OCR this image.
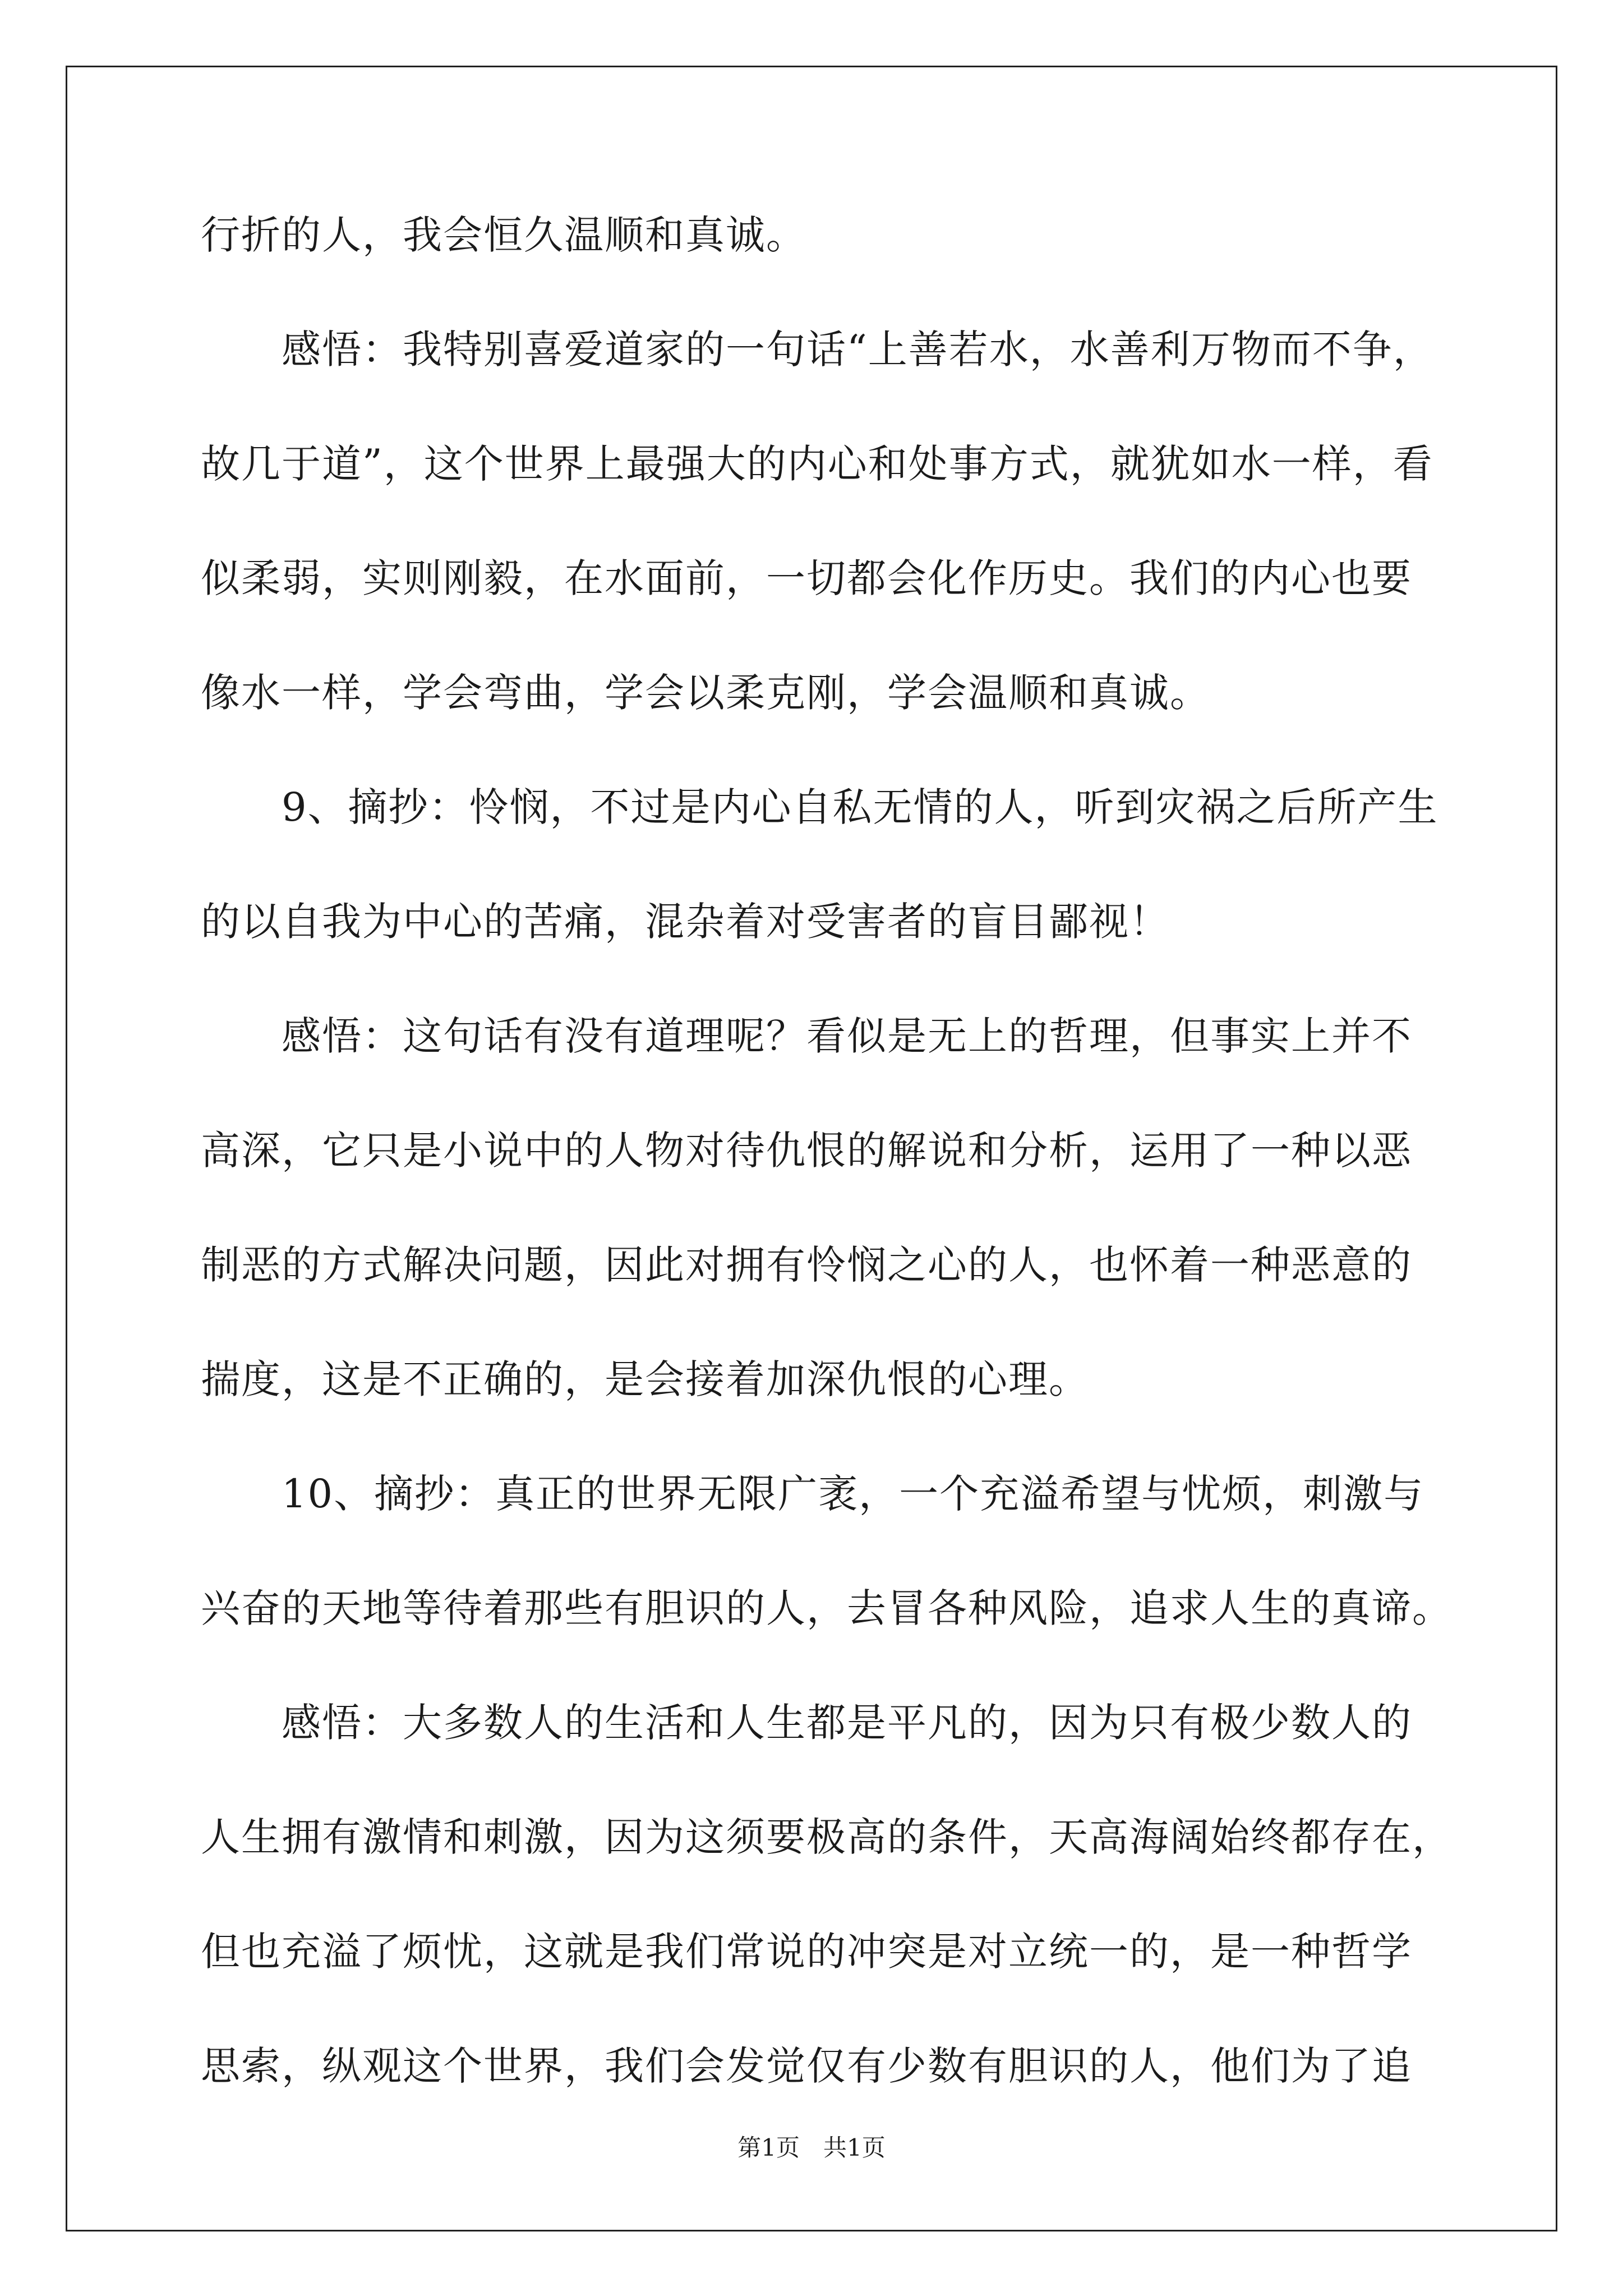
行折的人，我会恒久温顺和真诚。
　　感悟：我特别喜爱道家的一句话“上善若水，水善利万物而不争，
故几于道”，这个世界上最强大的内心和处事方式，就犹如水一样，看
似柔弱，实则刚毅，在水面前，一切都会化作历史。我们的内心也要
像水一样，学会弯曲，学会以柔克刚，学会温顺和真诚。
　　9、摘抄：怜悯，不过是内心自私无情的人，听到灾祸之后所产生
的以自我为中心的苦痛，混杂着对受害者的盲目鄙视！
　　感悟：这句话有没有道理呢？看似是无上的哲理，但事实上并不
高深，它只是小说中的人物对待仇恨的解说和分析，运用了一种以恶
制恶的方式解决问题，因此对拥有怜悯之心的人，也怀着一种恶意的
揣度，这是不正确的，是会接着加深仇恨的心理。
　　10、摘抄：真正的世界无限广袤，一个充溢希望与忧烦，刺激与
兴奋的天地等待着那些有胆识的人，去冒各种风险，追求人生的真谛。
　　感悟：大多数人的生活和人生都是平凡的，因为只有极少数人的
人生拥有激情和刺激，因为这须要极高的条件，天高海阔始终都存在，
但也充溢了烦忧，这就是我们常说的冲突是对立统一的，是一种哲学
思索，纵观这个世界，我们会发觉仅有少数有胆识的人，他们为了追
第1页　共1页
